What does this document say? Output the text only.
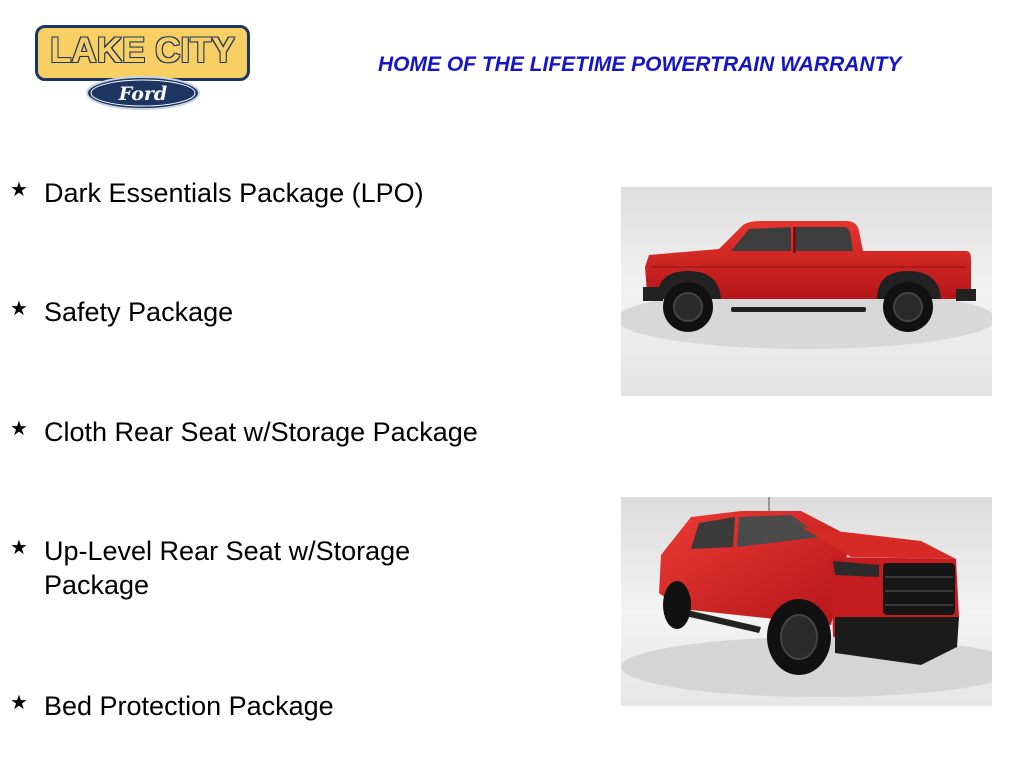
LAKE CITY
Ford
HOME OF THE LIFETIME POWERTRAIN WARRANTY
★ Dark Essentials Package (LPO)
★ Safety Package
★ Cloth Rear Seat w/Storage Package
★ Up-Level Rear Seat w/Storage Package
★ Bed Protection Package
